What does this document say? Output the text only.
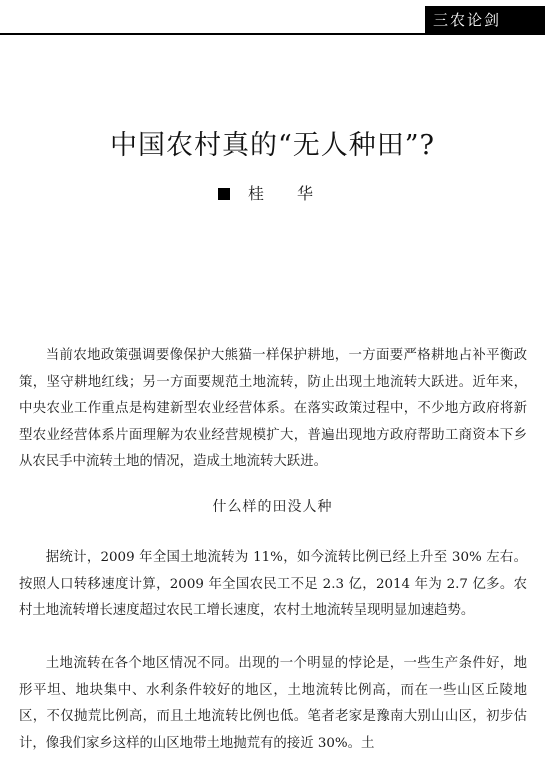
三农论剑
中国农村真的“无人种田”?
桂 华

当前农地政策强调要像保护大熊猫一样保护耕地，一方面要严格耕地占补平衡政策，坚守耕地红线；另一方面要规范土地流转，防止出现土地流转大跃进。近年来，中央农业工作重点是构建新型农业经营体系。在落实政策过程中，不少地方政府将新型农业经营体系片面理解为农业经营规模扩大，普遍出现地方政府帮助工商资本下乡从农民手中流转土地的情况，造成土地流转大跃进。

什么样的田没人种

据统计，2009 年全国土地流转为 11%，如今流转比例已经上升至 30% 左右。按照人口转移速度计算，2009 年全国农民工不足 2.3 亿，2014 年为 2.7 亿多。农村土地流转增长速度超过农民工增长速度，农村土地流转呈现明显加速趋势。

土地流转在各个地区情况不同。出现的一个明显的悖论是，一些生产条件好，地形平坦、地块集中、水利条件较好的地区，土地流转比例高，而在一些山区丘陵地区，不仅抛荒比例高，而且土地流转比例也低。笔者老家是豫南大别山山区，初步估计，像我们家乡这样的山区地带土地抛荒有的接近 30%。土
